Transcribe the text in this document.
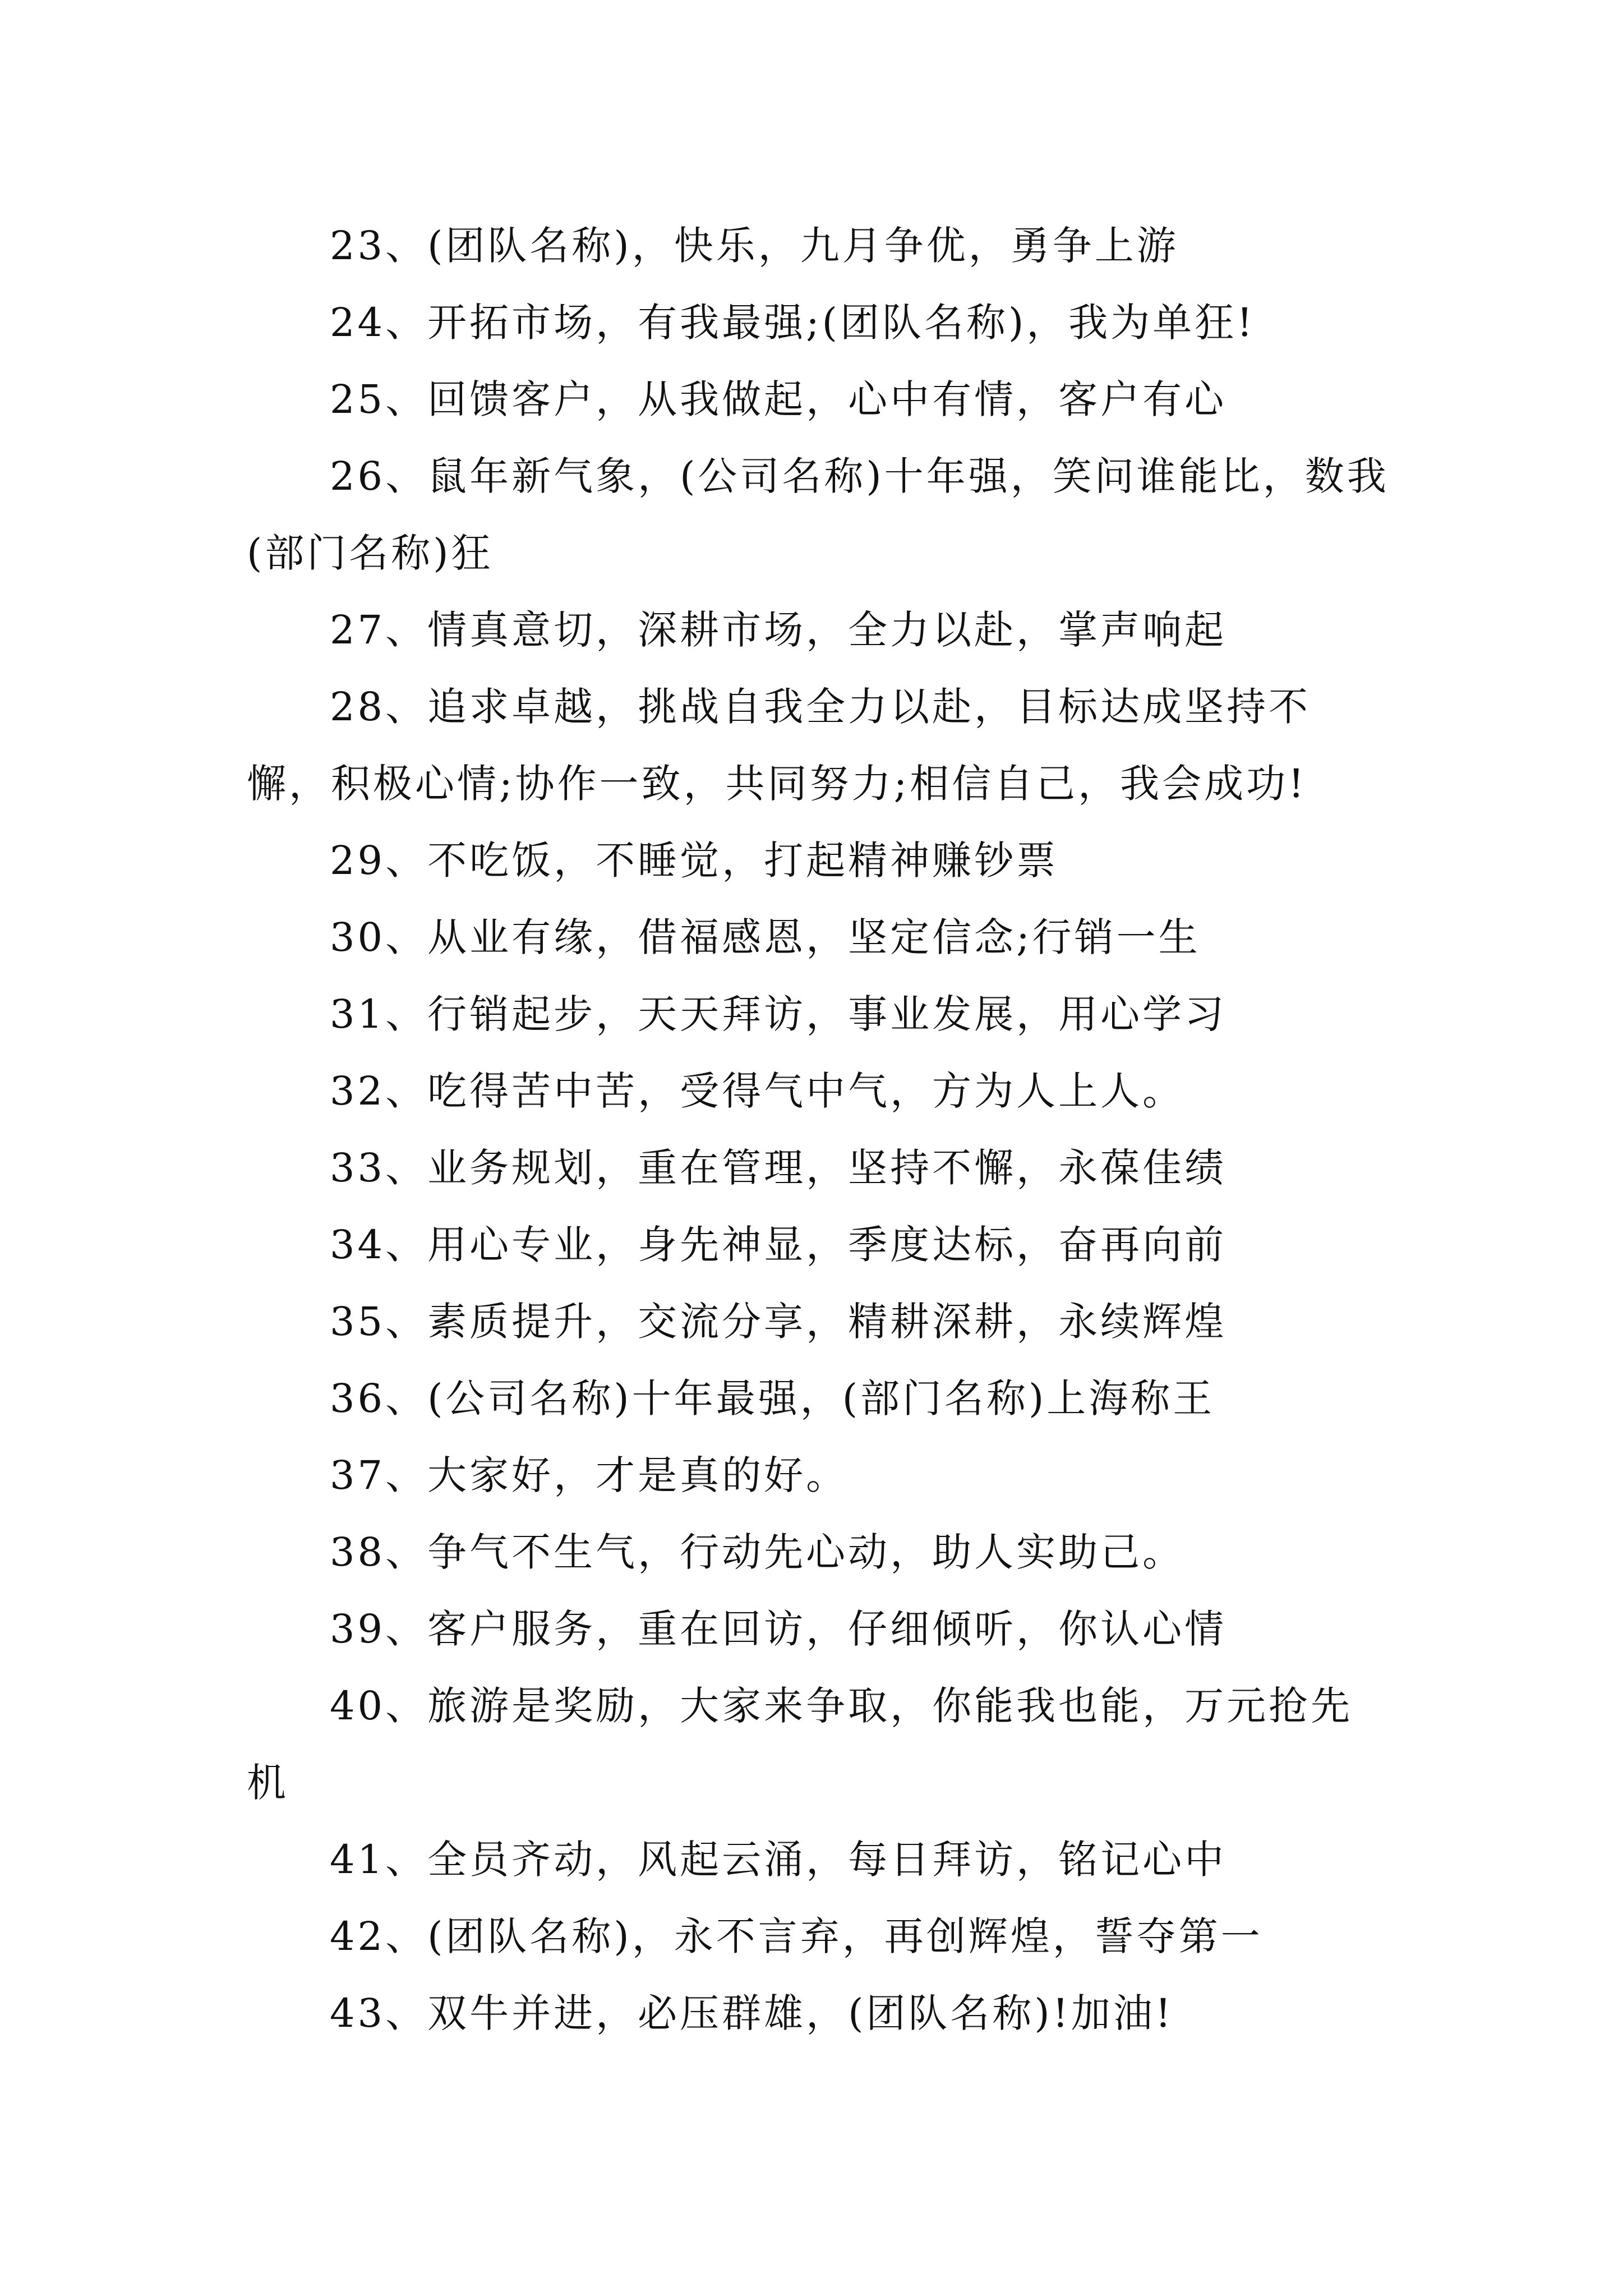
23、(团队名称)，快乐，九月争优，勇争上游

24、开拓市场，有我最强;(团队名称)，我为单狂!

25、回馈客户，从我做起，心中有情，客户有心

26、鼠年新气象，(公司名称)十年强，笑问谁能比，数我(部门名称)狂

27、情真意切，深耕市场，全力以赴，掌声响起

28、追求卓越，挑战自我全力以赴，目标达成坚持不懈，积极心情;协作一致，共同努力;相信自己，我会成功!

29、不吃饭，不睡觉，打起精神赚钞票

30、从业有缘，借福感恩，坚定信念;行销一生

31、行销起步，天天拜访，事业发展，用心学习

32、吃得苦中苦，受得气中气，方为人上人。

33、业务规划，重在管理，坚持不懈，永葆佳绩

34、用心专业，身先神显，季度达标，奋再向前

35、素质提升，交流分享，精耕深耕，永续辉煌

36、(公司名称)十年最强，(部门名称)上海称王

37、大家好，才是真的好。

38、争气不生气，行动先心动，助人实助己。

39、客户服务，重在回访，仔细倾听，你认心情

40、旅游是奖励，大家来争取，你能我也能，万元抢先机

41、全员齐动，风起云涌，每日拜访，铭记心中

42、(团队名称)，永不言弃，再创辉煌，誓夺第一

43、双牛并进，必压群雄，(团队名称)!加油!
